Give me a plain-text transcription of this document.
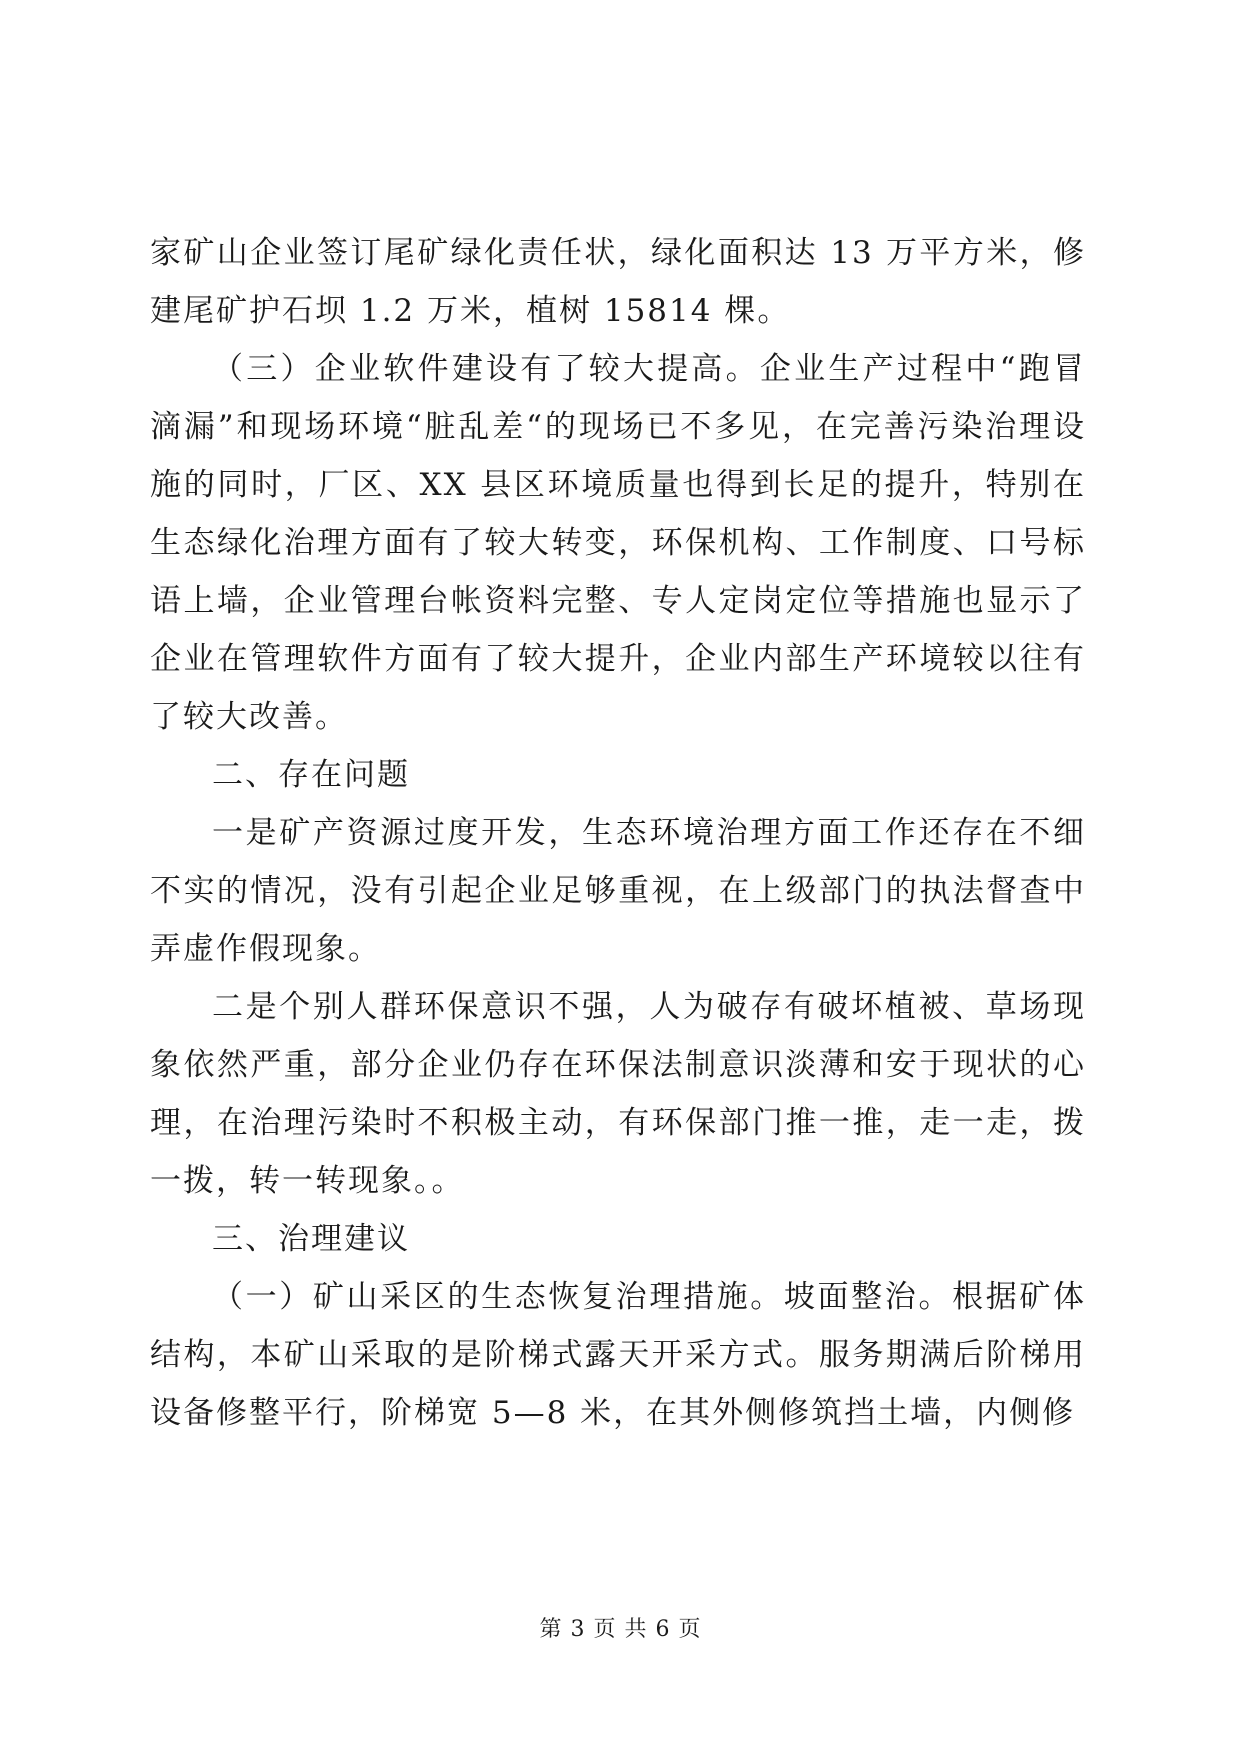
家矿山企业签订尾矿绿化责任状，绿化面积达 13 万平方米，修建尾矿护石坝 1.2 万米，植树 15814 棵。

（三）企业软件建设有了较大提高。企业生产过程中“跑冒滴漏”和现场环境“脏乱差“的现场已不多见，在完善污染治理设施的同时，厂区、XX 县区环境质量也得到长足的提升，特别在生态绿化治理方面有了较大转变，环保机构、工作制度、口号标语上墙，企业管理台帐资料完整、专人定岗定位等措施也显示了企业在管理软件方面有了较大提升，企业内部生产环境较以往有了较大改善。

二、存在问题

一是矿产资源过度开发，生态环境治理方面工作还存在不细不实的情况，没有引起企业足够重视，在上级部门的执法督查中弄虚作假现象。

二是个别人群环保意识不强，人为破存有破坏植被、草场现象依然严重，部分企业仍存在环保法制意识淡薄和安于现状的心理，在治理污染时不积极主动，有环保部门推一推，走一走，拨一拨，转一转现象。。

三、治理建议

（一）矿山采区的生态恢复治理措施。坡面整治。根据矿体结构，本矿山采取的是阶梯式露天开采方式。服务期满后阶梯用设备修整平行，阶梯宽 5—8 米，在其外侧修筑挡土墙，内侧修

第 3 页 共 6 页
